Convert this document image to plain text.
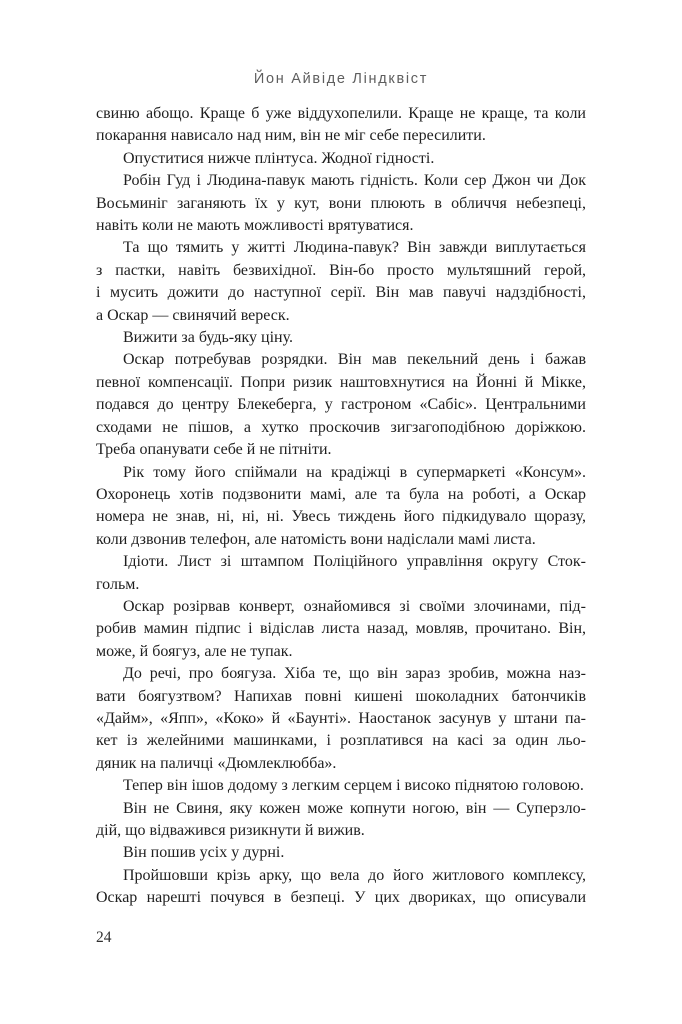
Йон Айвіде Ліндквіст
свиню абощо. Краще б уже віддухопелили. Краще не краще, та коли
покарання нависало над ним, він не міг себе пересилити.
Опуститися нижче плінтуса. Жодної гідності.
Робін Гуд і Людина-павук мають гідність. Коли сер Джон чи Док
Восьминіг заганяють їх у кут, вони плюють в обличчя небезпеці,
навіть коли не мають можливості врятуватися.
Та що тямить у житті Людина-павук? Він завжди виплутається
з пастки, навіть безвихідної. Він-бо просто мультяшний герой,
і мусить дожити до наступної серії. Він мав павучі надздібності,
а Оскар — свинячий вереск.
Вижити за будь-яку ціну.
Оскар потребував розрядки. Він мав пекельний день і бажав
певної компенсації. Попри ризик наштовхнутися на Йонні й Мікке,
подався до центру Блекеберга, у гастроном «Сабіс». Центральними
сходами не пішов, а хутко проскочив зигзагоподібною доріжкою.
Треба опанувати себе й не пітніти.
Рік тому його спіймали на крадіжці в супермаркеті «Консум».
Охоронець хотів подзвонити мамі, але та була на роботі, а Оскар
номера не знав, ні, ні, ні. Увесь тиждень його підкидувало щоразу,
коли дзвонив телефон, але натомість вони надіслали мамі листа.
Ідіоти. Лист зі штампом Поліційного управління округу Сток-
гольм.
Оскар розірвав конверт, ознайомився зі своїми злочинами, під-
робив мамин підпис і відіслав листа назад, мовляв, прочитано. Він,
може, й боягуз, але не тупак.
До речі, про боягуза. Хіба те, що він зараз зробив, можна наз-
вати боягузтвом? Напихав повні кишені шоколадних батончиків
«Дайм», «Япп», «Коко» й «Баунті». Наостанок засунув у штани па-
кет із желейними машинками, і розплатився на касі за один льо-
дяник на паличці «Дюмлеклюбба».
Тепер він ішов додому з легким серцем і високо піднятою головою.
Він не Свиня, яку кожен може копнути ногою, він — Суперзло-
дій, що відважився ризикнути й вижив.
Він пошив усіх у дурні.
Пройшовши крізь арку, що вела до його житлового комплексу,
Оскар нарешті почувся в безпеці. У цих двориках, що описували
24
